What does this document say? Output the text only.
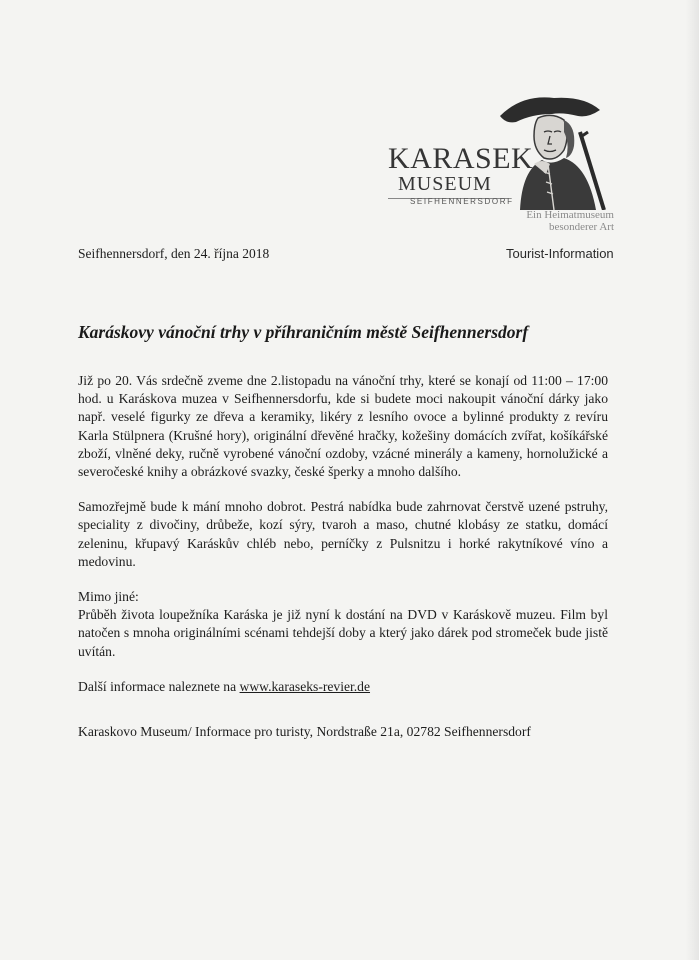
KARASEK
MUSEUM
SEIFHENNERSDORF
Ein Heimatmuseum
besonderer Art
Tourist-Information
Seifhennersdorf, den 24. října 2018
Karáskovy vánoční trhy v příhraničním městě Seifhennersdorf

Již po 20. Vás srdečně zveme dne 2.listopadu na vánoční trhy, které se konají od 11:00 – 17:00 hod. u Karáskova muzea v Seifhennersdorfu, kde si budete moci nakoupit vánoční dárky jako např. veselé figurky ze dřeva a keramiky, likéry z lesního ovoce a bylinné produkty z revíru Karla Stülpnera (Krušné hory), originální dřevěné hračky, kožešiny domácích zvířat, košíkářské zboží, vlněné deky, ručně vyrobené vánoční ozdoby, vzácné minerály a kameny, hornolužické a severočeské knihy a obrázkové svazky, české šperky a mnoho dalšího.

Samozřejmě bude k mání mnoho dobrot. Pestrá nabídka bude zahrnovat čerstvě uzené pstruhy, speciality z divočiny, drůbeže, kozí sýry, tvaroh a maso, chutné klobásy ze statku, domácí zeleninu, křupavý Karáskův chléb nebo, perníčky z Pulsnitzu i horké rakytníkové víno a medovinu.

Mimo jiné:
Průběh života loupežníka Karáska je již nyní k dostání na DVD v Karáskově muzeu. Film byl natočen s mnoha originálními scénami tehdejší doby a který jako dárek pod stromeček bude jistě uvítán.

Další informace naleznete na www.karaseks-revier.de

Karaskovo Museum/ Informace pro turisty, Nordstraße 21a, 02782 Seifhennersdorf
